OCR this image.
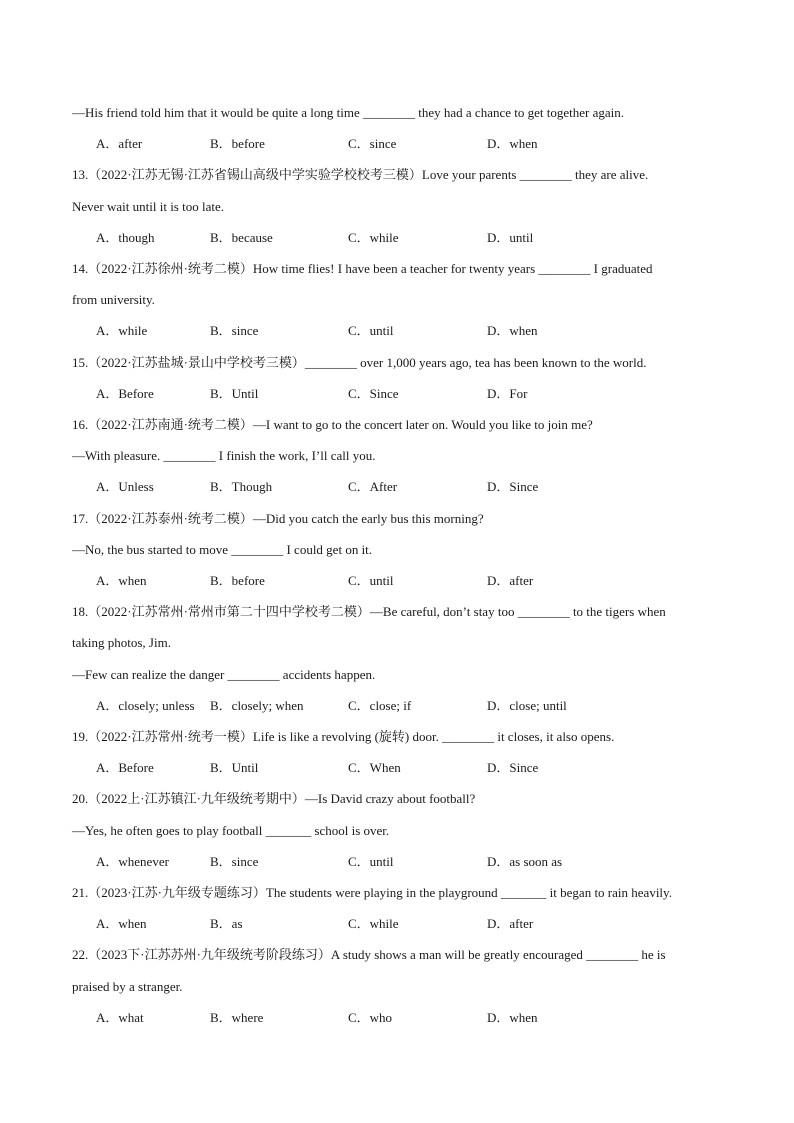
—His friend told him that it would be quite a long time ________ they had a chance to get together again.
A．after	B．before	C．since	D．when
13.（2022·江苏无锡·江苏省锡山高级中学实验学校校考三模）Love your parents ________ they are alive.
Never wait until it is too late.
A．though	B．because	C．while	D．until
14.（2022·江苏徐州·统考二模）How time flies! I have been a teacher for twenty years ________ I graduated
from university.
A．while	B．since	C．until	D．when
15.（2022·江苏盐城·景山中学校考三模）________ over 1,000 years ago, tea has been known to the world.
A．Before	B．Until	C．Since	D．For
16.（2022·江苏南通·统考二模）—I want to go to the concert later on. Would you like to join me?
—With pleasure. ________ I finish the work, I’ll call you.
A．Unless	B．Though	C．After	D．Since
17.（2022·江苏泰州·统考二模）—Did you catch the early bus this morning?
—No, the bus started to move ________ I could get on it.
A．when	B．before	C．until	D．after
18.（2022·江苏常州·常州市第二十四中学校考二模）—Be careful, don’t stay too ________ to the tigers when
taking photos, Jim.
—Few can realize the danger ________ accidents happen.
A．closely; unless B．closely; when	C．close; if	D．close; until
19.（2022·江苏常州·统考一模）Life is like a revolving (旋转) door. ________ it closes, it also opens.
A．Before	B．Until	C．When	D．Since
20.（2022上·江苏镇江·九年级统考期中）—Is David crazy about football?
—Yes, he often goes to play football _______ school is over.
A．whenever	B．since	C．until	D．as soon as
21.（2023·江苏·九年级专题练习）The students were playing in the playground _______ it began to rain heavily.
A．when	B．as	C．while	D．after
22.（2023下·江苏苏州·九年级统考阶段练习）A study shows a man will be greatly encouraged ________ he is
praised by a stranger.
A．what	B．where	C．who	D．when
